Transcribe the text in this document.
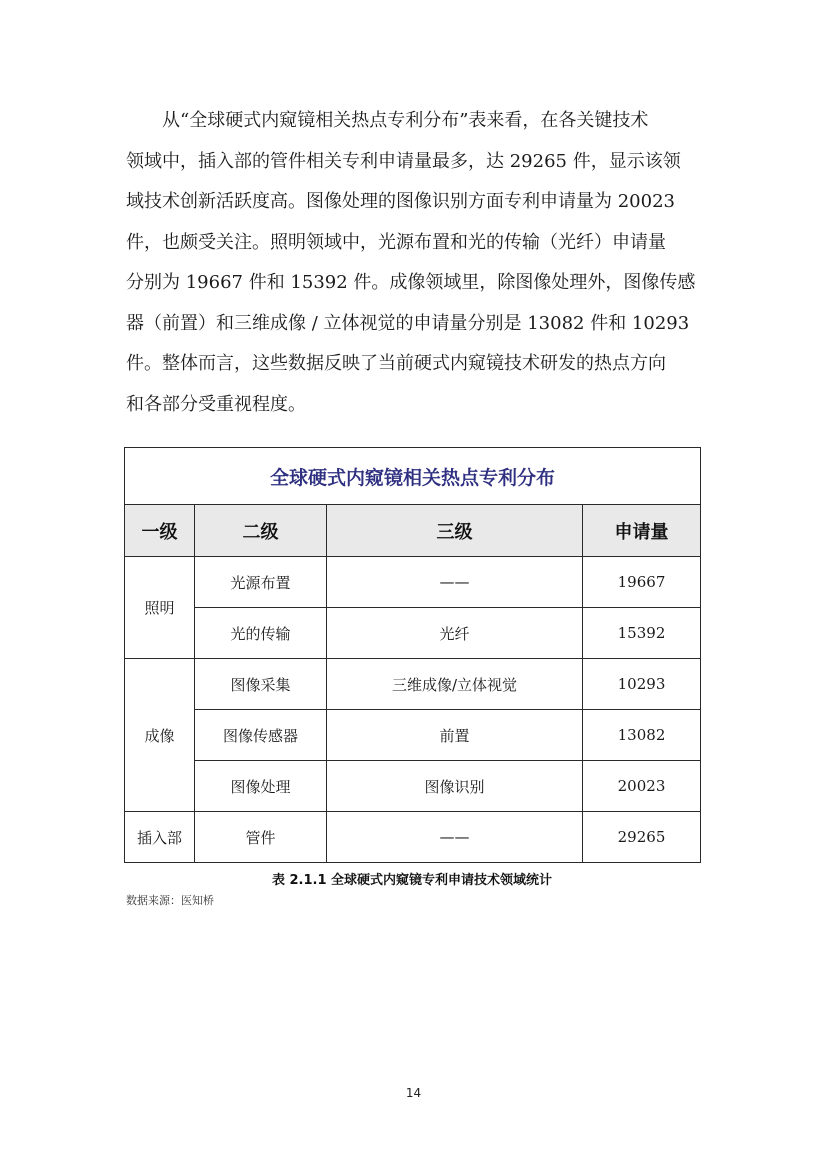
从“全球硬式内窥镜相关热点专利分布”表来看，在各关键技术
领域中，插入部的管件相关专利申请量最多，达 29265 件，显示该领
域技术创新活跃度高。图像处理的图像识别方面专利申请量为 20023
件，也颇受关注。照明领域中，光源布置和光的传输（光纤）申请量
分别为 19667 件和 15392 件。成像领域里，除图像处理外，图像传感
器（前置）和三维成像 / 立体视觉的申请量分别是 13082 件和 10293
件。整体而言，这些数据反映了当前硬式内窥镜技术研发的热点方向
和各部分受重视程度。
全球硬式内窥镜相关热点专利分布			
一级	二级	三级	申请量
照明	光源布置	——	19667
	光的传输	光纤	15392
成像	图像采集	三维成像/立体视觉	10293
	图像传感器	前置	13082
	图像处理	图像识别	20023
插入部	管件	——	29265
表 2.1.1 全球硬式内窥镜专利申请技术领域统计
数据来源：医知桥
14
